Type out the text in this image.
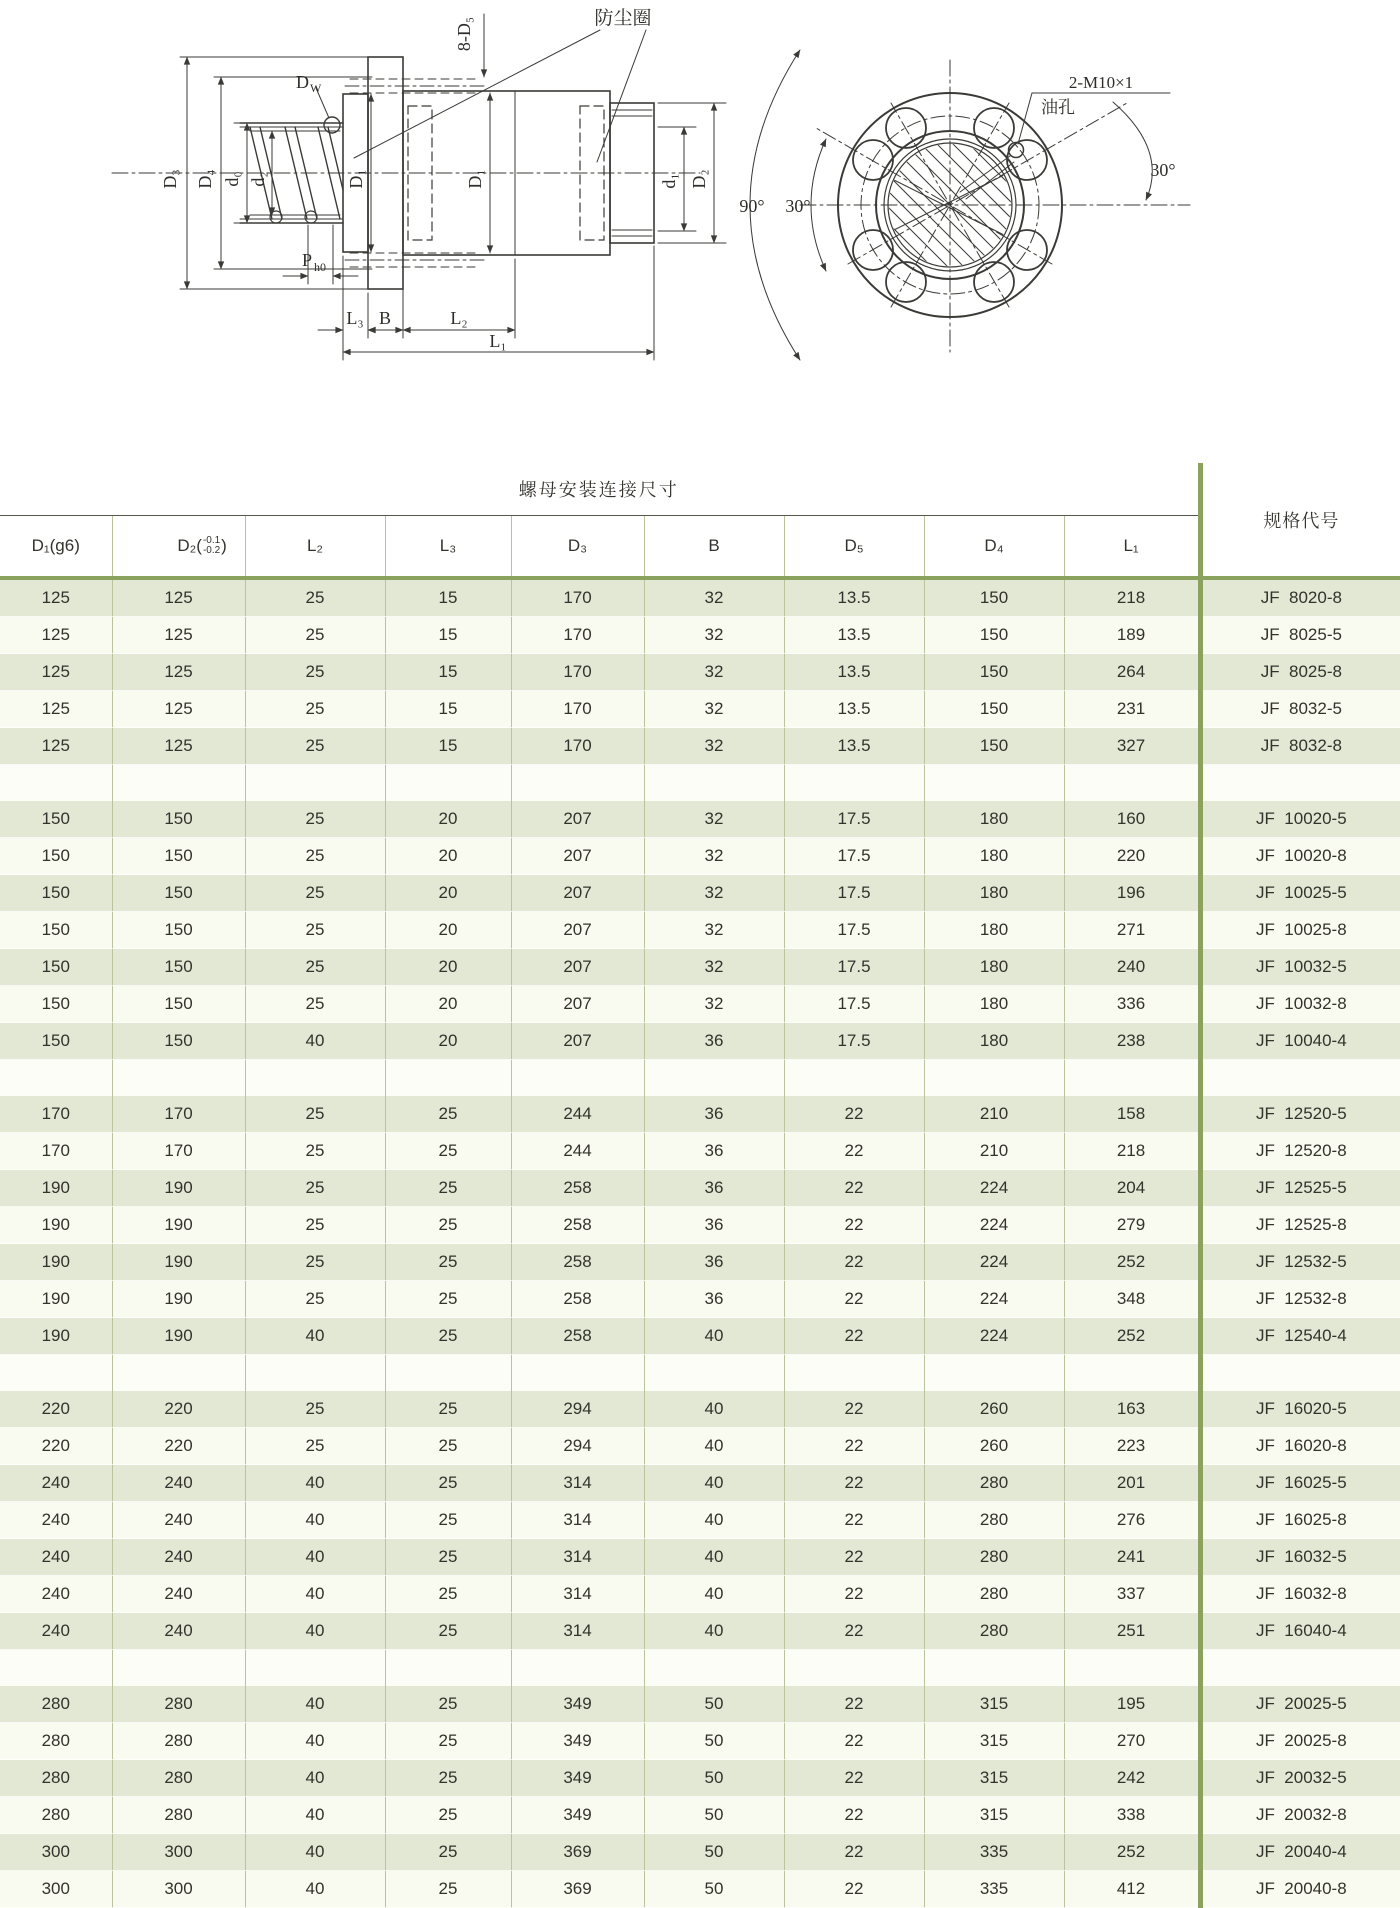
D₃ D₄ d₀ d₂	D₁	D₁	d₁ D₂
D W
8-D₅	防尘圈
P h0
L₃ B	L₂
L₁
2-M10×1
油孔
30°
90° 30°
螺母安装连接尺寸									规格代号
D₁(g6)	D₂( -0.1
-0.2 )	L₂	L₃	D₃	B	D₅	D₄	L₁	
125	125	25	15	170	32	13.5	150	218	JF  8020-8
125	125	25	15	170	32	13.5	150	189	JF  8025-5
125	125	25	15	170	32	13.5	150	264	JF  8025-8
125	125	25	15	170	32	13.5	150	231	JF  8032-5
125	125	25	15	170	32	13.5	150	327	JF  8032-8

150	150	25	20	207	32	17.5	180	160	JF  10020-5
150	150	25	20	207	32	17.5	180	220	JF  10020-8
150	150	25	20	207	32	17.5	180	196	JF  10025-5
150	150	25	20	207	32	17.5	180	271	JF  10025-8
150	150	25	20	207	32	17.5	180	240	JF  10032-5
150	150	25	20	207	32	17.5	180	336	JF  10032-8
150	150	40	20	207	36	17.5	180	238	JF  10040-4

170	170	25	25	244	36	22	210	158	JF  12520-5
170	170	25	25	244	36	22	210	218	JF  12520-8
190	190	25	25	258	36	22	224	204	JF  12525-5
190	190	25	25	258	36	22	224	279	JF  12525-8
190	190	25	25	258	36	22	224	252	JF  12532-5
190	190	25	25	258	36	22	224	348	JF  12532-8
190	190	40	25	258	40	22	224	252	JF  12540-4

220	220	25	25	294	40	22	260	163	JF  16020-5
220	220	25	25	294	40	22	260	223	JF  16020-8
240	240	40	25	314	40	22	280	201	JF  16025-5
240	240	40	25	314	40	22	280	276	JF  16025-8
240	240	40	25	314	40	22	280	241	JF  16032-5
240	240	40	25	314	40	22	280	337	JF  16032-8
240	240	40	25	314	40	22	280	251	JF  16040-4

280	280	40	25	349	50	22	315	195	JF  20025-5
280	280	40	25	349	50	22	315	270	JF  20025-8
280	280	40	25	349	50	22	315	242	JF  20032-5
280	280	40	25	349	50	22	315	338	JF  20032-8
300	300	40	25	369	50	22	335	252	JF  20040-4
300	300	40	25	369	50	22	335	412	JF  20040-8
